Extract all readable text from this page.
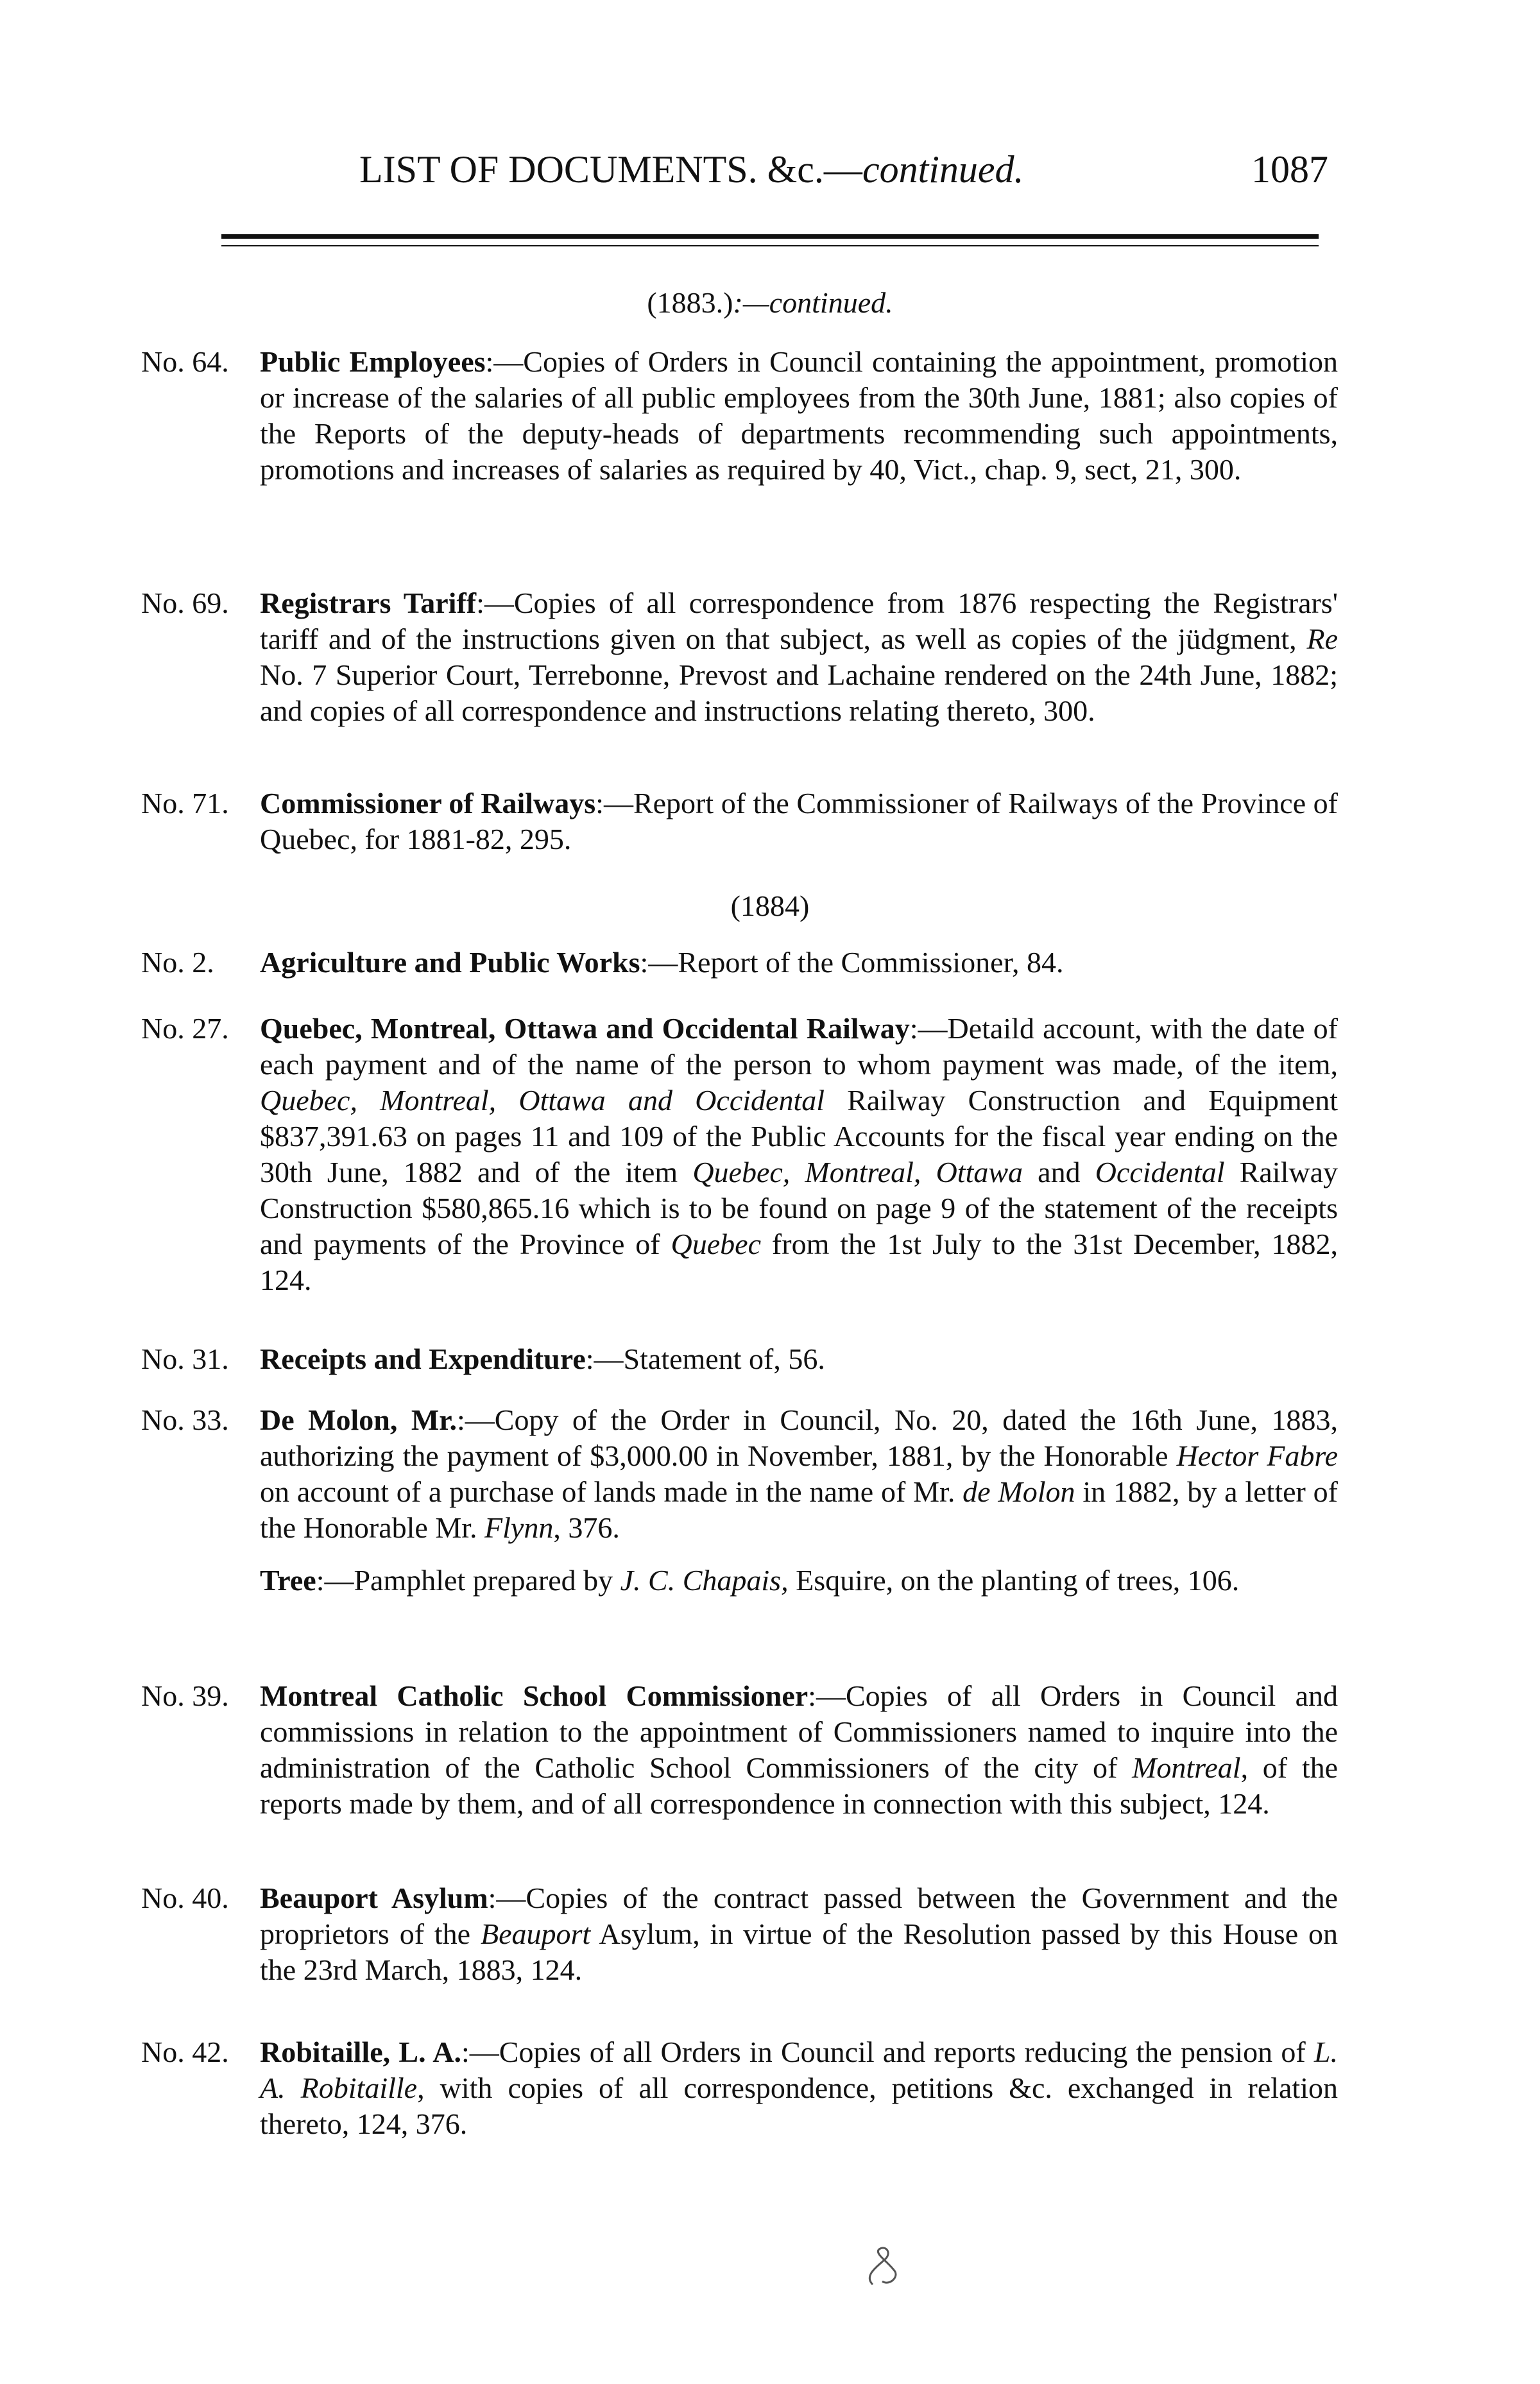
LIST OF DOCUMENTS. &c.—continued.	1087
(1883.):—continued.
No. 64. Public Employees:—Copies of Orders in Council containing the appointment, promotion or increase of the salaries of all public employees from the 30th June, 1881; also copies of the Reports of the deputy-heads of departments recommending such appointments, promotions and increases of salaries as required by 40, Vict., chap. 9, sect, 21, 300.
No. 69. Registrars Tariff:—Copies of all correspondence from 1876 respecting the Registrars' tariff and of the instructions given on that subject, as well as copies of the jüdgment, Re No. 7 Superior Court, Terrebonne, Prevost and Lachaine rendered on the 24th June, 1882; and copies of all correspondence and instructions relating thereto, 300.
No. 71. Commissioner of Railways:—Report of the Commissioner of Railways of the Province of Quebec, for 1881-82, 295.
(1884)
No. 2. Agriculture and Public Works:—Report of the Commissioner, 84.
No. 27. Quebec, Montreal, Ottawa and Occidental Railway:—Detaild account, with the date of each payment and of the name of the person to whom payment was made, of the item, Quebec, Montreal, Ottawa and Occidental Railway Construction and Equipment $837,391.63 on pages 11 and 109 of the Public Accounts for the fiscal year ending on the 30th June, 1882 and of the item Quebec, Montreal, Ottawa and Occidental Railway Construction $580,865.16 which is to be found on page 9 of the statement of the receipts and payments of the Province of Quebec from the 1st July to the 31st December, 1882, 124.
No. 31. Receipts and Expenditure:—Statement of, 56.
No. 33. De Molon, Mr.:—Copy of the Order in Council, No. 20, dated the 16th June, 1883, authorizing the payment of $3,000.00 in November, 1881, by the Honorable Hector Fabre on account of a purchase of lands made in the name of Mr. de Molon in 1882, by a letter of the Honorable Mr. Flynn, 376.
Tree:—Pamphlet prepared by J. C. Chapais, Esquire, on the planting of trees, 106.
No. 39. Montreal Catholic School Commissioner:—Copies of all Orders in Council and commissions in relation to the appointment of Commissioners named to inquire into the administration of the Catholic School Commissioners of the city of Montreal, of the reports made by them, and of all correspondence in connection with this subject, 124.
No. 40. Beauport Asylum:—Copies of the contract passed between the Government and the proprietors of the Beauport Asylum, in virtue of the Resolution passed by this House on the 23rd March, 1883, 124.
No. 42. Robitaille, L. A.:—Copies of all Orders in Council and reports reducing the pension of L. A. Robitaille, with copies of all correspondence, petitions &c. exchanged in relation thereto, 124, 376.
